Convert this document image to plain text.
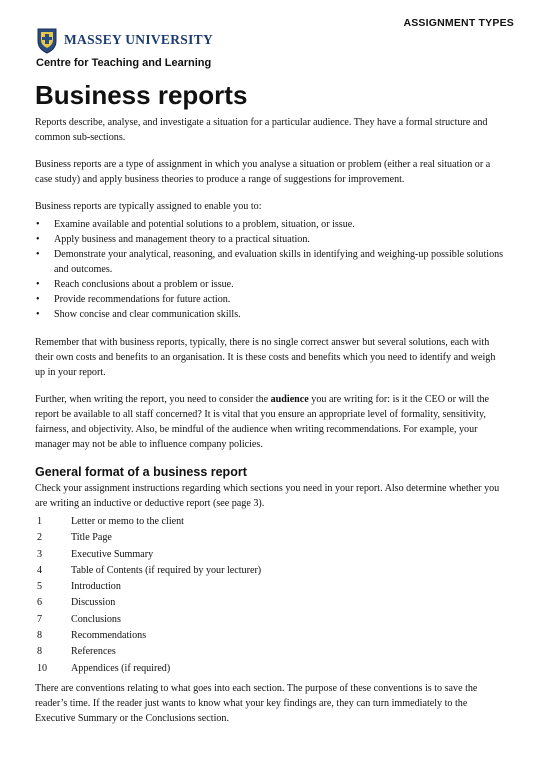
ASSIGNMENT TYPES
MASSEY UNIVERSITY
Centre for Teaching and Learning
Business reports

Reports describe, analyse, and investigate a situation for a particular audience. They have a formal structure and common sub-sections.

Business reports are a type of assignment in which you analyse a situation or problem (either a real situation or a case study) and apply business theories to produce a range of suggestions for improvement.

Business reports are typically assigned to enable you to:

• Examine available and potential solutions to a problem, situation, or issue.
• Apply business and management theory to a practical situation.
• Demonstrate your analytical, reasoning, and evaluation skills in identifying and weighing-up possible solutions and outcomes.
• Reach conclusions about a problem or issue.
• Provide recommendations for future action.
• Show concise and clear communication skills.

Remember that with business reports, typically, there is no single correct answer but several solutions, each with their own costs and benefits to an organisation. It is these costs and benefits which you need to identify and weigh up in your report.

Further, when writing the report, you need to consider the audience you are writing for: is it the CEO or will the report be available to all staff concerned? It is vital that you ensure an appropriate level of formality, sensitivity, fairness, and objectivity. Also, be mindful of the audience when writing recommendations. For example, your manager may not be able to influence company policies.

General format of a business report

Check your assignment instructions regarding which sections you need in your report. Also determine whether you are writing an inductive or deductive report (see page 3).

1	Letter or memo to the client
2	Title Page
3	Executive Summary
4	Table of Contents (if required by your lecturer)
5	Introduction
6	Discussion
7	Conclusions
8	Recommendations
8	References
10	Appendices (if required)

There are conventions relating to what goes into each section. The purpose of these conventions is to save the reader’s time. If the reader just wants to know what your key findings are, they can turn immediately to the Executive Summary or the Conclusions section.
